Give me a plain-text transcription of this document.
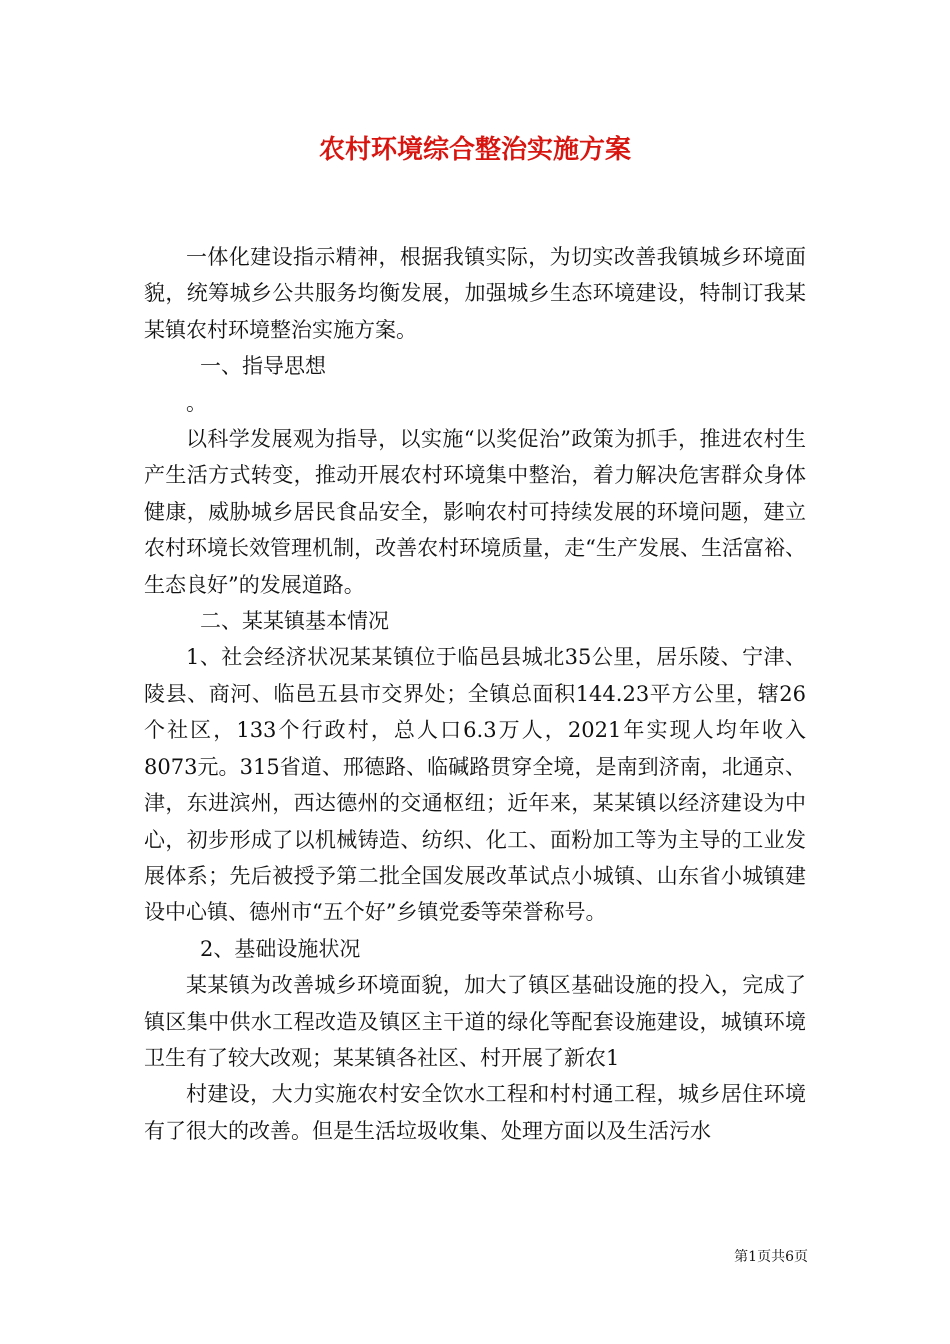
农村环境综合整治实施方案

一体化建设指示精神，根据我镇实际，为切实改善我镇城乡环境面貌，统筹城乡公共服务均衡发展，加强城乡生态环境建设，特制订我某某镇农村环境整治实施方案。

一、指导思想

。

以科学发展观为指导，以实施“以奖促治”政策为抓手，推进农村生产生活方式转变，推动开展农村环境集中整治，着力解决危害群众身体健康，威胁城乡居民食品安全，影响农村可持续发展的环境问题，建立农村环境长效管理机制，改善农村环境质量，走“生产发展、生活富裕、生态良好”的发展道路。

二、某某镇基本情况

1、社会经济状况某某镇位于临邑县城北35公里，居乐陵、宁津、陵县、商河、临邑五县市交界处；全镇总面积144.23平方公里，辖26个社区，133个行政村，总人口6.3万人，2021年实现人均年收入8073元。315省道、邢德路、临碱路贯穿全境，是南到济南，北通京、津，东进滨州，西达德州的交通枢纽；近年来，某某镇以经济建设为中心，初步形成了以机械铸造、纺织、化工、面粉加工等为主导的工业发展体系；先后被授予第二批全国发展改革试点小城镇、山东省小城镇建设中心镇、德州市“五个好”乡镇党委等荣誉称号。

2、基础设施状况

某某镇为改善城乡环境面貌，加大了镇区基础设施的投入，完成了镇区集中供水工程改造及镇区主干道的绿化等配套设施建设，城镇环境卫生有了较大改观；某某镇各社区、村开展了新农1

村建设，大力实施农村安全饮水工程和村村通工程，城乡居住环境有了很大的改善。但是生活垃圾收集、处理方面以及生活污水

第1页共6页
